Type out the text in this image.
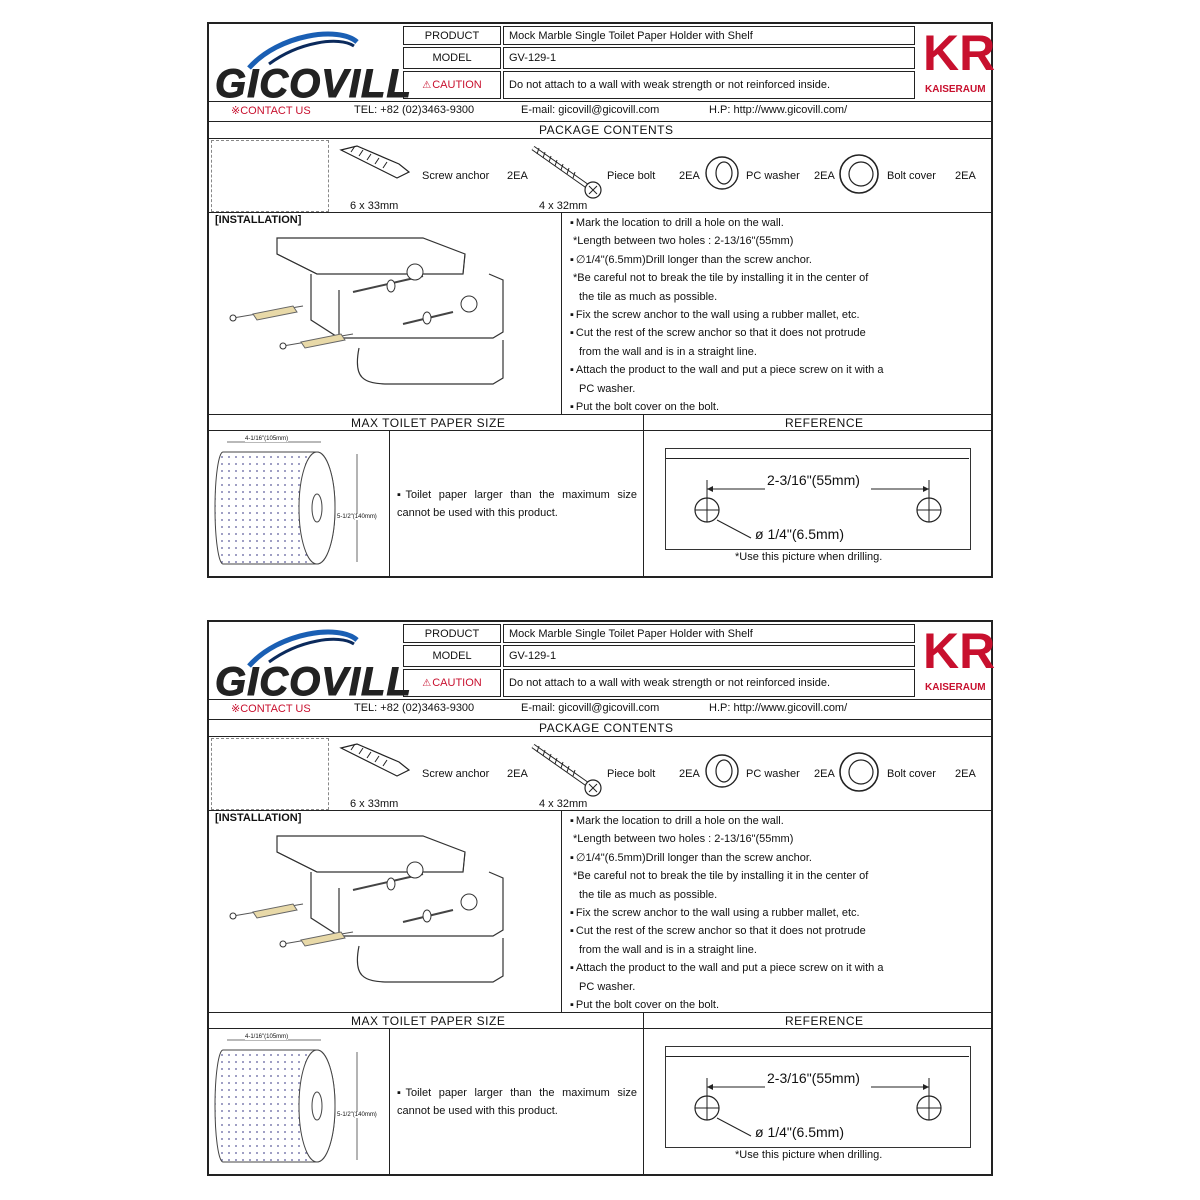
GICOVILL
PRODUCT	Mock Marble Single Toilet Paper Holder with Shelf
MODEL	GV-129-1
⚠ CAUTION	Do not attach to a wall with weak strength or not reinforced inside.
KR
KAISERAUM
※CONTACT US	TEL: +82 (02)3463-9300	E-mail: gicovill@gicovill.com	H.P: http://www.gicovill.com/
PACKAGE CONTENTS
Screw anchor 2EA
6 x 33mm
Piece bolt 2EA
4 x 32mm
PC washer 2EA	Bolt cover 2EA
[INSTALLATION]	▪ Mark the location to drill a hole on the wall.
*Length between two holes : 2-13/16"(55mm)
▪ ∅1/4"(6.5mm)Drill longer than the screw anchor.
*Be careful not to break the tile by installing it in the center of
the tile as much as possible.
▪ Fix the screw anchor to the wall using a rubber mallet, etc.
▪ Cut the rest of the screw anchor so that it does not protrude
from the wall and is in a straight line.
▪ Attach the product to the wall and put a piece screw on it with a
PC washer.
▪ Put the bolt cover on the bolt.
MAX TOILET PAPER SIZE	REFERENCE
4-1/16"(105mm)
5-1/2"(140mm)
▪Toilet paper larger than the maximum size cannot be used with this product.
2-3/16"(55mm)
ø 1/4"(6.5mm)
*Use this picture when drilling.
GICOVILL
PRODUCT	Mock Marble Single Toilet Paper Holder with Shelf
MODEL	GV-129-1
⚠ CAUTION	Do not attach to a wall with weak strength or not reinforced inside.
KR
KAISERAUM
※CONTACT US	TEL: +82 (02)3463-9300	E-mail: gicovill@gicovill.com	H.P: http://www.gicovill.com/
PACKAGE CONTENTS
Screw anchor 2EA
6 x 33mm
Piece bolt 2EA
4 x 32mm
PC washer 2EA	Bolt cover 2EA
[INSTALLATION]	▪ Mark the location to drill a hole on the wall.
*Length between two holes : 2-13/16"(55mm)
▪ ∅1/4"(6.5mm)Drill longer than the screw anchor.
*Be careful not to break the tile by installing it in the center of
the tile as much as possible.
▪ Fix the screw anchor to the wall using a rubber mallet, etc.
▪ Cut the rest of the screw anchor so that it does not protrude
from the wall and is in a straight line.
▪ Attach the product to the wall and put a piece screw on it with a
PC washer.
▪ Put the bolt cover on the bolt.
MAX TOILET PAPER SIZE	REFERENCE
4-1/16"(105mm)
5-1/2"(140mm)
▪Toilet paper larger than the maximum size cannot be used with this product.
2-3/16"(55mm)
ø 1/4"(6.5mm)
*Use this picture when drilling.
